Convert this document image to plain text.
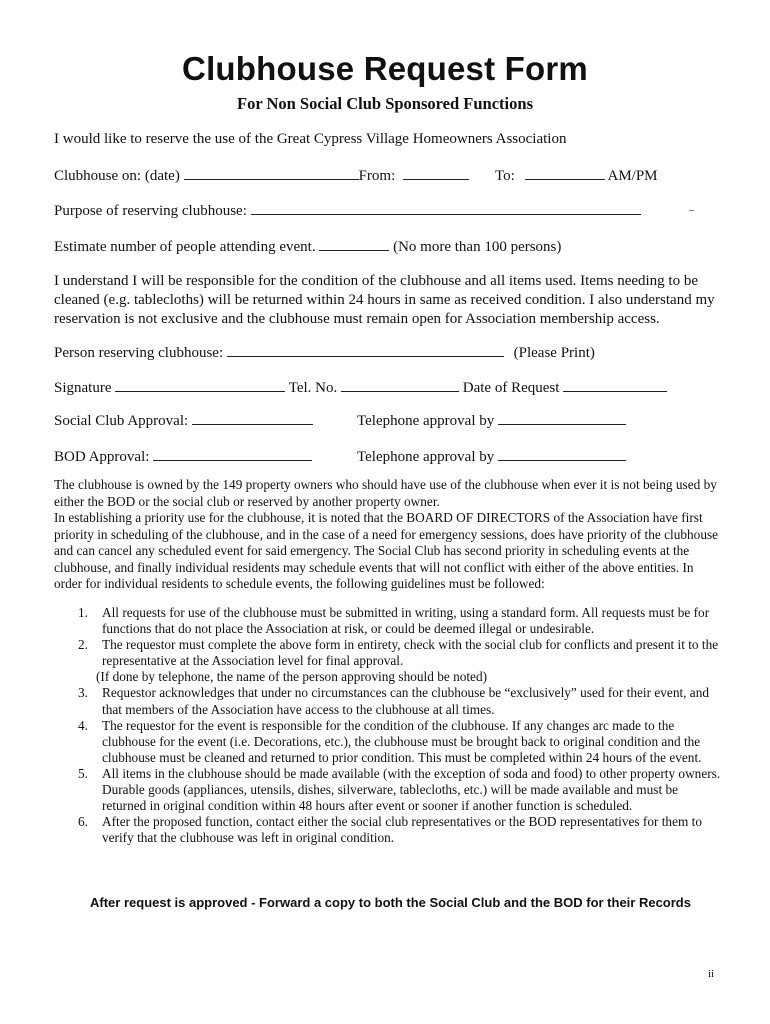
Clubhouse Request Form
For Non Social Club Sponsored Functions
I would like to reserve the use of the Great Cypress Village Homeowners Association
Clubhouse on: (date)	From:	To:	AM/PM
Purpose of reserving clubhouse:	–
Estimate number of people attending event.	(No more than 100 persons)
I understand I will be responsible for the condition of the clubhouse and all items used. Items needing to be cleaned (e.g. tablecloths) will be returned within 24 hours in same as received condition. I also understand my reservation is not exclusive and the clubhouse must remain open for Association membership access.
Person reserving clubhouse:	(Please Print)
Signature	Tel. No.	Date of Request
Social Club Approval:	Telephone approval by
BOD Approval:	Telephone approval by
The clubhouse is owned by the 149 property owners who should have use of the clubhouse when ever it is not being used by either the BOD or the social club or reserved by another property owner.
In establishing a priority use for the clubhouse, it is noted that the BOARD OF DIRECTORS of the Association have first priority in scheduling of the clubhouse, and in the case of a need for emergency sessions, does have priority of the clubhouse and can cancel any scheduled event for said emergency. The Social Club has second priority in scheduling events at the clubhouse, and finally individual residents may schedule events that will not conflict with either of the above entities. In order for individual residents to schedule events, the following guidelines must be followed:
1. All requests for use of the clubhouse must be submitted in writing, using a standard form. All requests must be for functions that do not place the Association at risk, or could be deemed illegal or undesirable.
2. The requestor must complete the above form in entirety, check with the social club for conflicts and present it to the representative at the Association level for final approval.
(If done by telephone, the name of the person approving should be noted)
3. Requestor acknowledges that under no circumstances can the clubhouse be “exclusively” used for their event, and that members of the Association have access to the clubhouse at all times.
4. The requestor for the event is responsible for the condition of the clubhouse. If any changes arc made to the clubhouse for the event (i.e. Decorations, etc.), the clubhouse must be brought back to original condition and the clubhouse must be cleaned and returned to prior condition. This must be completed within 24 hours of the event.
5. All items in the clubhouse should be made available (with the exception of soda and food) to other property owners. Durable goods (appliances, utensils, dishes, silverware, tablecloths, etc.) will be made available and must be returned in original condition within 48 hours after event or sooner if another function is scheduled.
6. After the proposed function, contact either the social club representatives or the BOD representatives for them to verify that the clubhouse was left in original condition.
After request is approved - Forward a copy to both the Social Club and the BOD for their Records
ii
